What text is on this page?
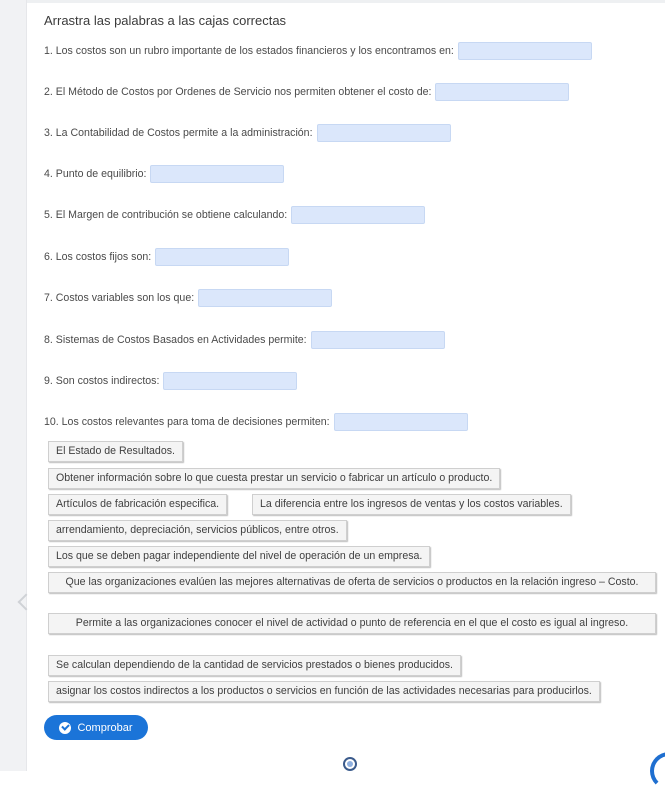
Arrastra las palabras a las cajas correctas
1. Los costos son un rubro importante de los estados financieros y los encontramos en:
2. El Método de Costos por Ordenes de Servicio nos permiten obtener el costo de:
3. La Contabilidad de Costos permite a la administración:
4. Punto de equilibrio:
5. El Margen de contribución se obtiene calculando:
6. Los costos fijos son:
7. Costos variables son los que:
8. Sistemas de Costos Basados en Actividades permite:
9. Son costos indirectos:
10. Los costos relevantes para toma de decisiones permiten:
El Estado de Resultados.
Obtener información sobre lo que cuesta prestar un servicio o fabricar un artículo o producto.
Artículos de fabricación especifica.	La diferencia entre los ingresos de ventas y los costos variables.
arrendamiento, depreciación, servicios públicos, entre otros.
Los que se deben pagar independiente del nivel de operación de un empresa.
Que las organizaciones evalúen las mejores alternativas de oferta de servicios o productos en la relación ingreso – Costo.
Permite a las organizaciones conocer el nivel de actividad o punto de referencia en el que el costo es igual al ingreso.
Se calculan dependiendo de la cantidad de servicios prestados o bienes producidos.
asignar los costos indirectos a los productos o servicios en función de las actividades necesarias para producirlos.
Comprobar
